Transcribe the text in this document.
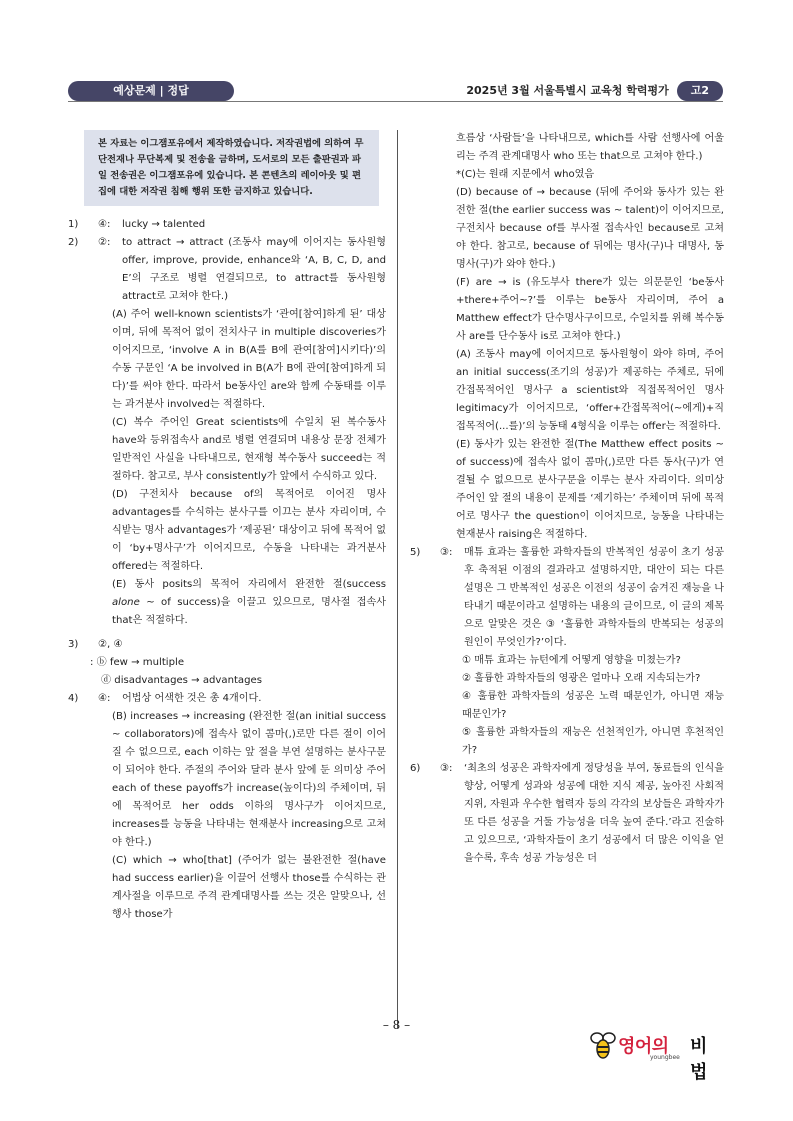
예상문제 | 정답	2025년 3월 서울특별시 교육청 학력평가 고2
본 자료는 이그잼포유에서 제작하였습니다. 저작권법에 의하여 무단전재나 무단복제 및 전송을 금하며, 도서로의 모든 출판권과 파일 전송권은 이그잼포유에 있습니다. 본 콘텐츠의 레이아웃 및 편집에 대한 저작권 침해 행위 또한 금지하고 있습니다.
1)	④:	lucky → talented
2)	②:	to attract → attract (조동사 may에 이어지는 동사원형 offer, improve, provide, enhance와 ‘A, B, C, D, and E’의 구조로 병렬 연결되므로, to attract를 동사원형 attract로 고쳐야 한다.)
(A) 주어 well-known scientists가 ‘관여[참여]하게 된’ 대상이며, 뒤에 목적어 없이 전치사구 in multiple discoveries가 이어지므로, ‘involve A in B(A를 B에 관여[참여]시키다)’의 수동 구문인 ‘A be involved in B(A가 B에 관여[참여]하게 되다)’를 써야 한다. 따라서 be동사인 are와 함께 수동태를 이루는 과거분사 involved는 적절하다.
(C) 복수 주어인 Great scientists에 수일치 된 복수동사 have와 등위접속사 and로 병렬 연결되며 내용상 문장 전체가 일반적인 사실을 나타내므로, 현재형 복수동사 succeed는 적절하다. 참고로, 부사 consistently가 앞에서 수식하고 있다.
(D) 구전치사 because of의 목적어로 이어진 명사 advantages를 수식하는 분사구를 이끄는 분사 자리이며, 수식받는 명사 advantages가 ‘제공된’ 대상이고 뒤에 목적어 없이 ‘by+명사구’가 이어지므로, 수동을 나타내는 과거분사 offered는 적절하다.
(E) 동사 posits의 목적어 자리에서 완전한 절(success alone ~ of success)을 이끌고 있으므로, 명사절 접속사 that은 적절하다.
3)	②, ④
: ⓑ few → multiple
ⓓ disadvantages → advantages
4)	④:	어법상 어색한 것은 총 4개이다.
(B) increases → increasing (완전한 절(an initial success ~ collaborators)에 접속사 없이 콤마(,)로만 다른 절이 이어질 수 없으므로, each 이하는 앞 절을 부연 설명하는 분사구문이 되어야 한다. 주절의 주어와 달라 분사 앞에 둔 의미상 주어 each of these payoffs가 increase(높이다)의 주체이며, 뒤에 목적어로 her odds 이하의 명사구가 이어지므로, increases를 능동을 나타내는 현재분사 increasing으로 고쳐야 한다.)
(C) which → who[that] (주어가 없는 불완전한 절(have had success earlier)을 이끌어 선행사 those를 수식하는 관계사절을 이루므로 주격 관계대명사를 쓰는 것은 알맞으나, 선행사 those가
흐름상 ‘사람들’을 나타내므로, which를 사람 선행사에 어울리는 주격 관계대명사 who 또는 that으로 고쳐야 한다.)
*(C)는 원래 지문에서 who였음
(D) because of → because (뒤에 주어와 동사가 있는 완전한 절(the earlier success was ~ talent)이 이어지므로, 구전치사 because of를 부사절 접속사인 because로 고쳐야 한다. 참고로, because of 뒤에는 명사(구)나 대명사, 동명사(구)가 와야 한다.)
(F) are → is (유도부사 there가 있는 의문문인 ‘be동사+there+주어~?’를 이루는 be동사 자리이며, 주어 a Matthew effect가 단수명사구이므로, 수일치를 위해 복수동사 are를 단수동사 is로 고쳐야 한다.)
(A) 조동사 may에 이어지므로 동사원형이 와야 하며, 주어 an initial success(조기의 성공)가 제공하는 주체로, 뒤에 간접목적어인 명사구 a scientist와 직접목적어인 명사 legitimacy가 이어지므로, ‘offer+간접목적어(~에게)+직접목적어(...를)’의 능동태 4형식을 이루는 offer는 적절하다.
(E) 동사가 있는 완전한 절(The Matthew effect posits ~ of success)에 접속사 없이 콤마(,)로만 다른 동사(구)가 연결될 수 없으므로 분사구문을 이루는 분사 자리이다. 의미상 주어인 앞 절의 내용이 문제를 ‘제기하는’ 주체이며 뒤에 목적어로 명사구 the question이 이어지므로, 능동을 나타내는 현재분사 raising은 적절하다.
5)	③:	매튜 효과는 훌륭한 과학자들의 반복적인 성공이 초기 성공 후 축적된 이점의 결과라고 설명하지만, 대안이 되는 다른 설명은 그 반복적인 성공은 이전의 성공이 숨겨진 재능을 나타내기 때문이라고 설명하는 내용의 글이므로, 이 글의 제목으로 알맞은 것은 ③ ‘훌륭한 과학자들의 반복되는 성공의 원인이 무엇인가?’이다.
① 매튜 효과는 뉴턴에게 어떻게 영향을 미쳤는가?
② 훌륭한 과학자들의 영광은 얼마나 오래 지속되는가?
④ 훌륭한 과학자들의 성공은 노력 때문인가, 아니면 재능 때문인가?
⑤ 훌륭한 과학자들의 재능은 선천적인가, 아니면 후천적인가?
6)	③:	‘최초의 성공은 과학자에게 정당성을 부여, 동료들의 인식을 향상, 어떻게 성과와 성공에 대한 지식 제공, 높아진 사회적 지위, 자원과 우수한 협력자 등의 각각의 보상들은 과학자가 또 다른 성공을 거둘 가능성을 더욱 높여 준다.’라고 진술하고 있으므로, ‘과학자들이 초기 성공에서 더 많은 이익을 얻을수록, 후속 성공 가능성은 더
– 8 –
영어의 비법
youngbee
